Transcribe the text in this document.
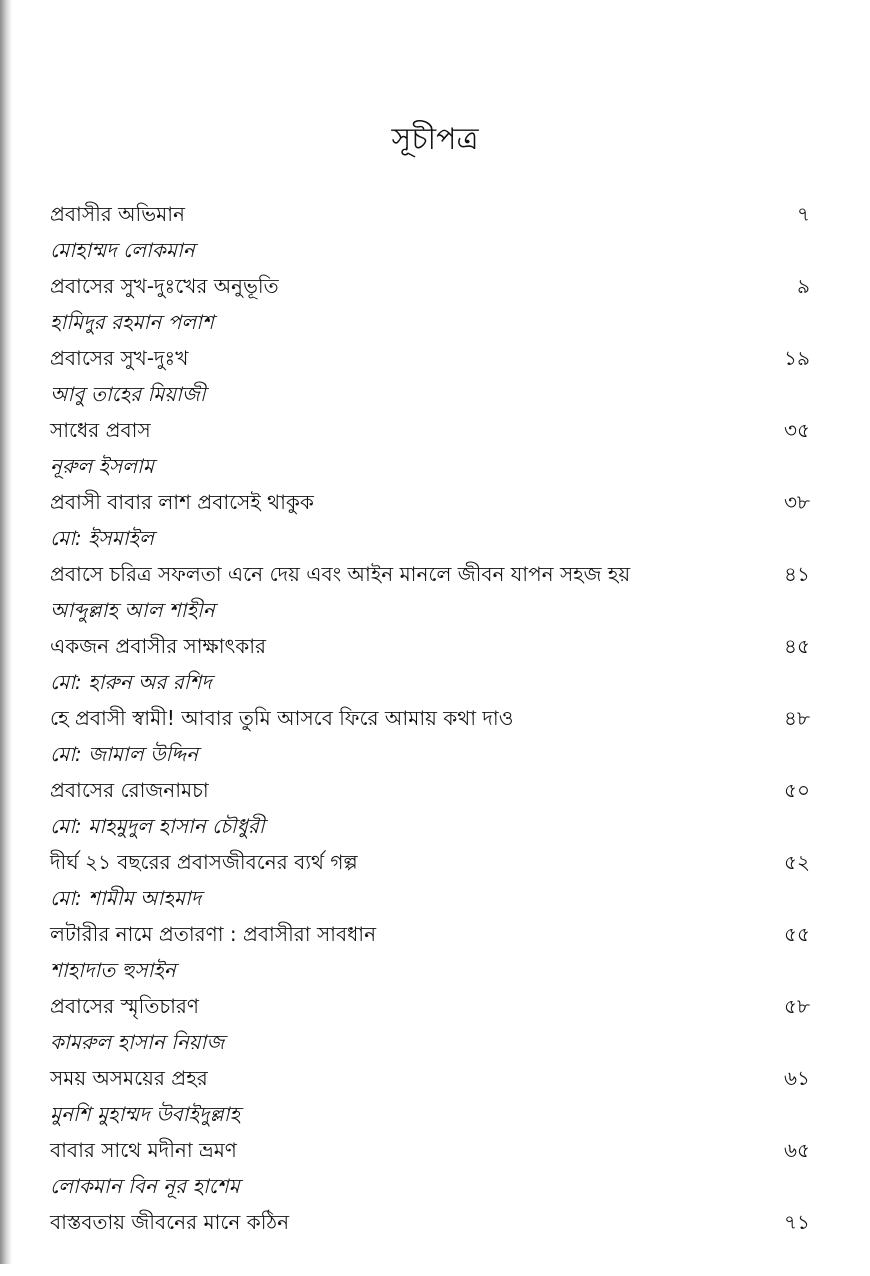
সূচীপত্র
প্রবাসীর অভিমান	৭
মোহাম্মদ লোকমান
প্রবাসের সুখ-দুঃখের অনুভূতি	৯
হামিদুর রহমান পলাশ
প্রবাসের সুখ-দুঃখ	১৯
আবু তাহের মিয়াজী
সাধের প্রবাস	৩৫
নূরুল ইসলাম
প্রবাসী বাবার লাশ প্রবাসেই থাকুক	৩৮
মো: ইসমাইল
প্রবাসে চরিত্র সফলতা এনে দেয় এবং আইন মানলে জীবন যাপন সহজ হয়	৪১
আব্দুল্লাহ আল শাহীন
একজন প্রবাসীর সাক্ষাৎকার	৪৫
মো: হারুন অর রশিদ
হে প্রবাসী স্বামী! আবার তুমি আসবে ফিরে আমায় কথা দাও	৪৮
মো: জামাল উদ্দিন
প্রবাসের রোজনামচা	৫০
মো: মাহমুদুল হাসান চৌধুরী
দীর্ঘ ২১ বছরের প্রবাসজীবনের ব্যর্থ গল্প	৫২
মো: শামীম আহমাদ
লটারীর নামে প্রতারণা : প্রবাসীরা সাবধান	৫৫
শাহাদাত হুসাইন
প্রবাসের স্মৃতিচারণ	৫৮
কামরুল হাসান নিয়াজ
সময় অসময়ের প্রহর	৬১
মুনশি মুহাম্মদ উবাইদুল্লাহ
বাবার সাথে মদীনা ভ্রমণ	৬৫
লোকমান বিন নূর হাশেম
বাস্তবতায় জীবনের মানে কঠিন	৭১
